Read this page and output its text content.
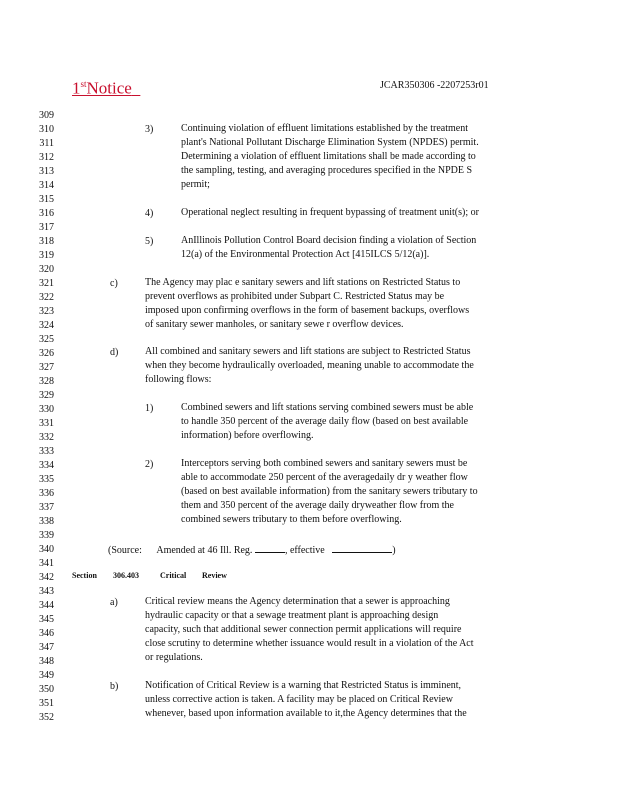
1stNotice	JCAR350306 -2207253r01
309
310
311
312
313
314
315
316
317
318
319
320
321
322
323
324
325
326
327
328
329
330
331
332
333
334
335
336
337
338
339
340
341
342
343
344
345
346
347
348
349
350
351
352
3)	Continuing violation of effluent limitations established by the treatment
plant's National Pollutant Discharge Elimination System (NPDES) permit.
Determining a violation of effluent limitations shall be made according to
the sampling, testing, and averaging procedures specified in the NPDE S
permit;
4)	Operational neglect resulting in frequent bypassing of treatment unit(s); or
5)	AnIllinois Pollution Control Board decision finding a violation of Section
12(a) of the Environmental Protection Act [415ILCS 5/12(a)].
c)	The Agency may plac e sanitary sewers and lift stations on Restricted Status to
prevent overflows as prohibited under Subpart C. Restricted Status may be
imposed upon confirming overflows in the form of basement backups, overflows
of sanitary sewer manholes, or sanitary sewe r overflow devices.
d)	All combined and sanitary sewers and lift stations are subject to Restricted Status
when they become hydraulically overloaded, meaning unable to accommodate the
following flows:
1)	Combined sewers and lift stations serving combined sewers must be able
to handle 350 percent of the average daily flow (based on best available
information) before overflowing.
2)	Interceptors serving both combined sewers and sanitary sewers must be
able to accommodate 250 percent of the averagedaily dr y weather flow
(based on best available information) from the sanitary sewers tributary to
them and 350 percent of the average daily dryweather flow from the
combined sewers tributary to them before overflowing.
(Source: Amended at 46 Ill. Reg.	, effective	)
Section 306.403	Critical Review
a)	Critical review means the Agency determination that a sewer is approaching
hydraulic capacity or that a sewage treatment plant is approaching design
capacity, such that additional sewer connection permit applications will require
close scrutiny to determine whether issuance would result in a violation of the Act
or regulations.
b)	Notification of Critical Review is a warning that Restricted Status is imminent,
unless corrective action is taken. A facility may be placed on Critical Review
whenever, based upon information available to it,the Agency determines that the
